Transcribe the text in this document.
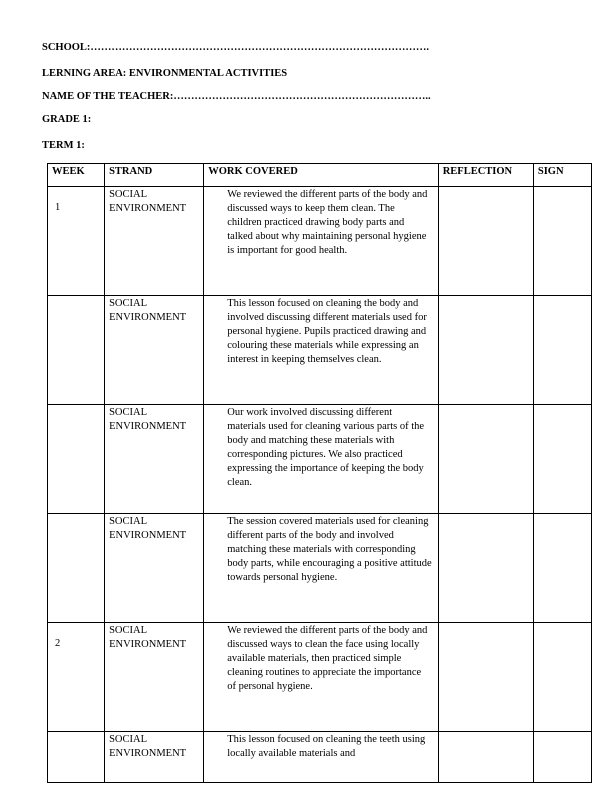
SCHOOL:…………………………………………………………………………………….
LERNING AREA: ENVIRONMENTAL ACTIVITIES
NAME OF THE TEACHER:………………………………………………………………..
GRADE 1:
TERM 1:
WEEK	STRAND	WORK COVERED	REFLECTION	SIGN
1	SOCIAL ENVIRONMENT	We reviewed the different parts of the body and discussed ways to keep them clean. The children practiced drawing body parts and talked about why maintaining personal hygiene is important for good health.		
	SOCIAL ENVIRONMENT	This lesson focused on cleaning the body and involved discussing different materials used for personal hygiene. Pupils practiced drawing and colouring these materials while expressing an interest in keeping themselves clean.		
	SOCIAL ENVIRONMENT	Our work involved discussing different materials used for cleaning various parts of the body and matching these materials with corresponding pictures. We also practiced expressing the importance of keeping the body clean.		
	SOCIAL ENVIRONMENT	The session covered materials used for cleaning different parts of the body and involved matching these materials with corresponding body parts, while encouraging a positive attitude towards personal hygiene.		
2	SOCIAL ENVIRONMENT	We reviewed the different parts of the body and discussed ways to clean the face using locally available materials, then practiced simple cleaning routines to appreciate the importance of personal hygiene.		
	SOCIAL ENVIRONMENT	This lesson focused on cleaning the teeth using locally available materials and		
